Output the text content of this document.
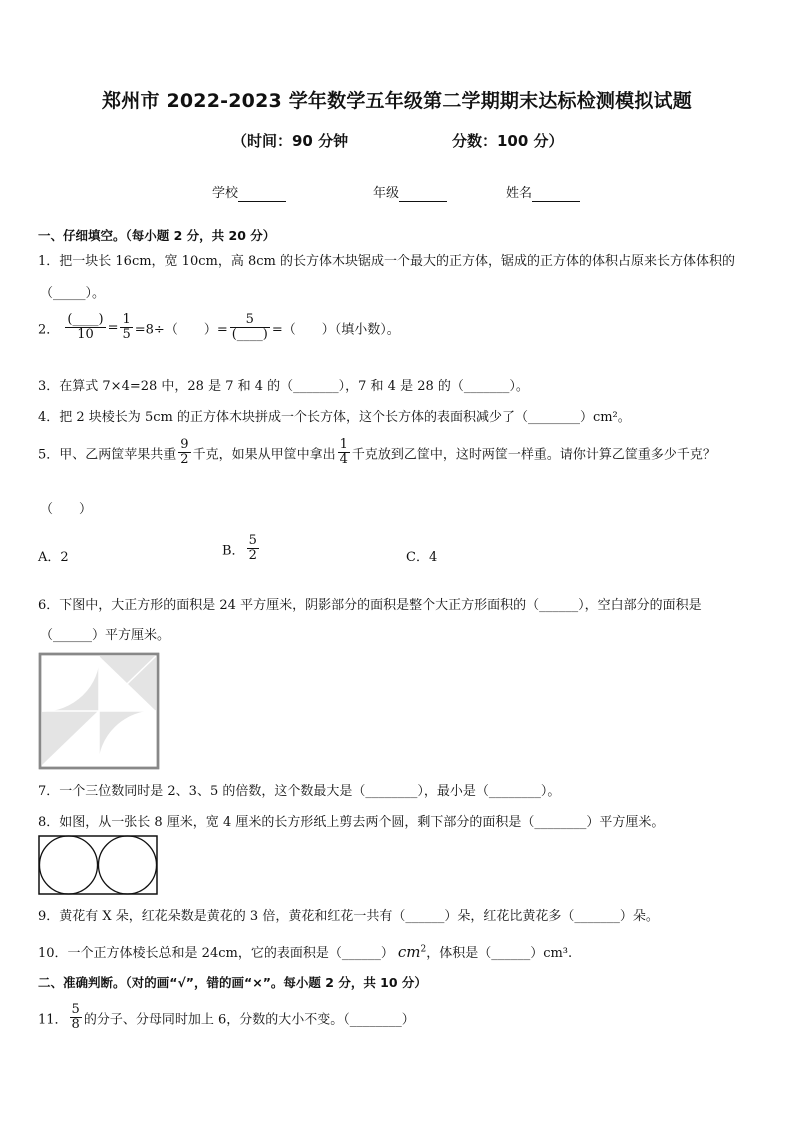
郑州市 2022-2023 学年数学五年级第二学期期末达标检测模拟试题
（时间：90 分钟	分数：100 分）
学校	年级	姓名
一、仔细填空。（每小题 2 分，共 20 分）
1．把一块长 16cm，宽 10cm，高 8cm 的长方体木块锯成一个最大的正方体，锯成的正方体的体积占原来长方体体积的
（_____）。
2． $\frac{(\_\_\_\_)}{10} = \frac{1}{5} =8\div$（　　）= $\frac{5}{(\_\_\_\_)}$ =（　　）（填小数）。
3．在算式 7×4=28 中，28 是 7 和 4 的（_______），7 和 4 是 28 的（_______）。
4．把 2 块棱长为 5cm 的正方体木块拼成一个长方体，这个长方体的表面积减少了（________）cm²。
5．甲、乙两筐苹果共重 $\frac{9}{2}$ 千克，如果从甲筐中拿出 $\frac{1}{4}$ 千克放到乙筐中，这时两筐一样重。请你计算乙筐重多少千克？
（　　）
A．2	B． $\frac{5}{2}$	C．4
6．下图中，大正方形的面积是 24 平方厘米，阴影部分的面积是整个大正方形面积的（______），空白部分的面积是
（______）平方厘米。
7．一个三位数同时是 2、3、5 的倍数，这个数最大是（________），最小是（________）。
8．如图，从一张长 8 厘米，宽 4 厘米的长方形纸上剪去两个圆，剩下部分的面积是（________）平方厘米。
9．黄花有 X 朵，红花朵数是黄花的 3 倍，黄花和红花一共有（______）朵，红花比黄花多（_______）朵。
10．一个正方体棱长总和是 24cm，它的表面积是（______） $cm^2$，体积是（______）cm³.
二、准确判断。（对的画“√”，错的画“×”。每小题 2 分，共 10 分）
11． $\frac{5}{8}$ 的分子、分母同时加上 6，分数的大小不变。（________）
